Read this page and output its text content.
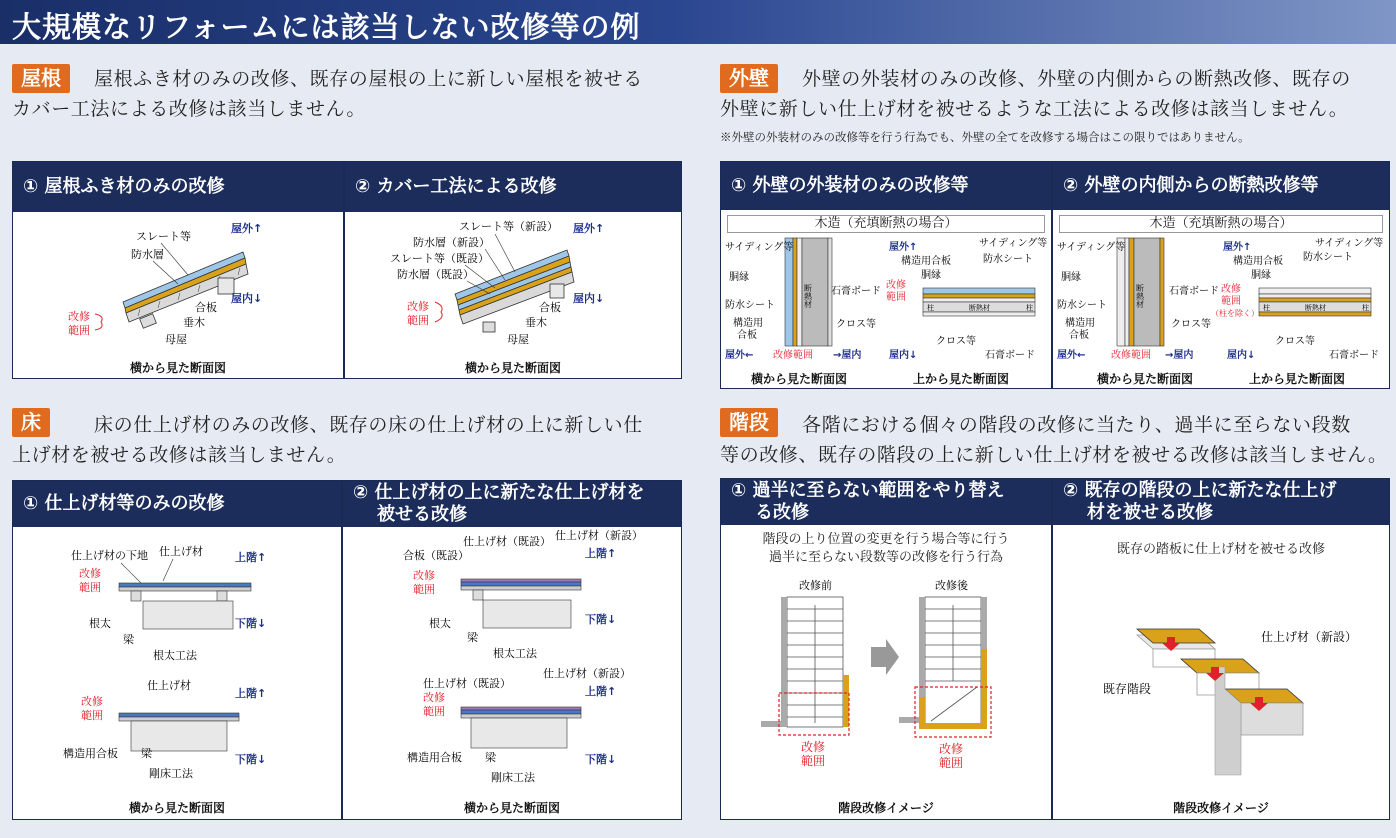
大規模なリフォームには該当しない改修等の例
屋根	屋根ふき材のみの改修、既存の屋根の上に新しい屋根を被せる
カバー工法による改修は該当しません。
① 屋根ふき材のみの改修
スレート等
防水層
屋外↑
屋内↓
合板
垂木
母屋
改修
範囲
横から見た断面図
② カバー工法による改修
スレート等（新設）
防水層（新設）
スレート等（既設）
防水層（既設）
屋外↑
屋内↓
合板
垂木
母屋
改修
範囲
横から見た断面図
外壁	外壁の外装材のみの改修、外壁の内側からの断熱改修、既存の
外壁に新しい仕上げ材を被せるような工法による改修は該当しません。
※外壁の外装材のみの改修等を行う行為でも、外壁の全てを改修する場合はこの限りではありません。
① 外壁の外装材のみの改修等
木造（充填断熱の場合）
断熱材
サイディング等
胴縁
防水シート
構造用
合板
石膏ボード
クロス等
屋外←	→屋内
改修範囲
屋外↑
構造用合板
胴縁
サイディング等
防水シート
柱	柱
断熱材
改修
範囲
屋内↓
クロス等
石膏ボード
横から見た断面図	上から見た断面図
② 外壁の内側からの断熱改修等
木造（充填断熱の場合）
断熱材
サイディング等
胴縁
防水シート
構造用
合板
石膏ボード
クロス等
屋外←	→屋内
改修範囲
屋外↑
構造用合板
胴縁
サイディング等
防水シート
柱	柱
断熱材
改修
範囲
（柱を除く）
屋内↓
クロス等
石膏ボード
横から見た断面図	上から見た断面図
床	床の仕上げ材のみの改修、既存の床の仕上げ材の上に新しい仕
上げ材を被せる改修は該当しません。
① 仕上げ材等のみの改修
仕上げ材の下地 仕上げ材	上階↑
下階↓
改修
範囲
根太
梁
根太工法
仕上げ材
上階↑
下階↓
改修
範囲
構造用合板 梁
剛床工法
横から見た断面図
② 仕上げ材の上に新たな仕上げ材を
被せる改修
合板（既設）
仕上げ材（既設） 仕上げ材（新設）
上階↑
下階↓
改修
範囲
根太
梁
根太工法
仕上げ材（既設）
仕上げ材（新設）
上階↑
下階↓
改修
範囲
構造用合板 梁
剛床工法
横から見た断面図
階段	各階における個々の階段の改修に当たり、過半に至らない段数
等の改修、既存の階段の上に新しい仕上げ材を被せる改修は該当しません。
① 過半に至らない範囲をやり替え
る改修
階段の上り位置の変更を行う場合等に行う
過半に至らない段数等の改修を行う行為
改修前	改修後
改修
範囲
改修
範囲
階段改修イメージ
② 既存の階段の上に新たな仕上げ
材を被せる改修
既存の踏板に仕上げ材を被せる改修
仕上げ材（新設）
既存階段
階段改修イメージ
